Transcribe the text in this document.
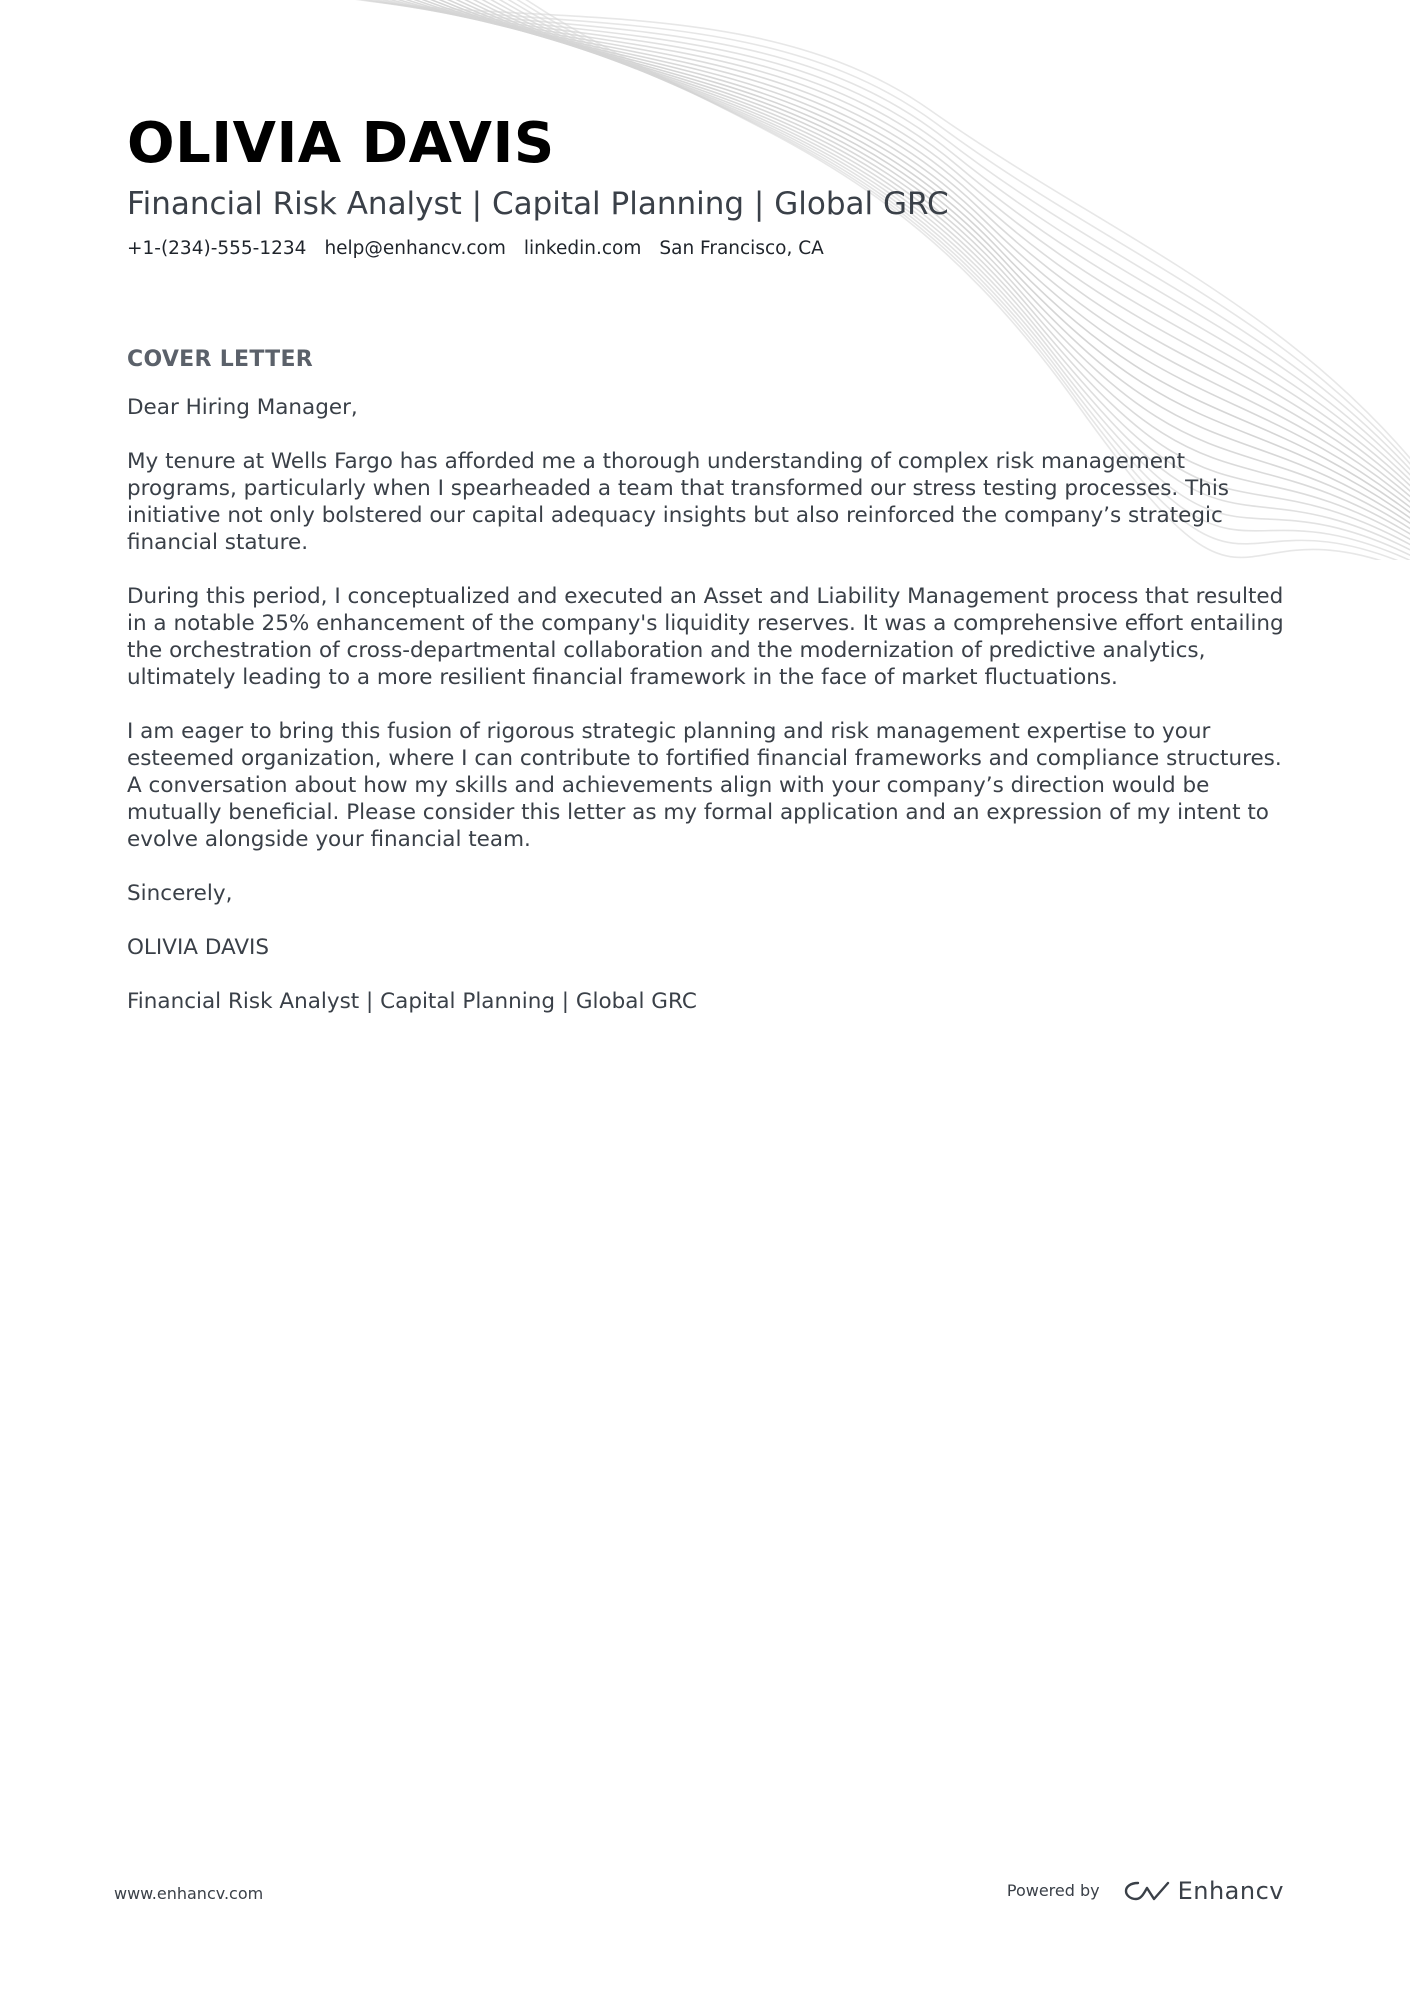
OLIVIA DAVIS
Financial Risk Analyst | Capital Planning | Global GRC
+1-(234)-555-1234 help@enhancv.com linkedin.com San Francisco, CA
COVER LETTER

Dear Hiring Manager,

My tenure at Wells Fargo has afforded me a thorough understanding of complex risk management programs, particularly when I spearheaded a team that transformed our stress testing processes. This initiative not only bolstered our capital adequacy insights but also reinforced the company’s strategic financial stature.

During this period, I conceptualized and executed an Asset and Liability Management process that resulted in a notable 25% enhancement of the company's liquidity reserves. It was a comprehensive effort entailing the orchestration of cross-departmental collaboration and the modernization of predictive analytics, ultimately leading to a more resilient financial framework in the face of market fluctuations.

I am eager to bring this fusion of rigorous strategic planning and risk management expertise to your esteemed organization, where I can contribute to fortified financial frameworks and compliance structures. A conversation about how my skills and achievements align with your company’s direction would be mutually beneficial. Please consider this letter as my formal application and an expression of my intent to evolve alongside your financial team.

Sincerely,

OLIVIA DAVIS

Financial Risk Analyst | Capital Planning | Global GRC

www.enhancv.com	Powered by	Enhancv
